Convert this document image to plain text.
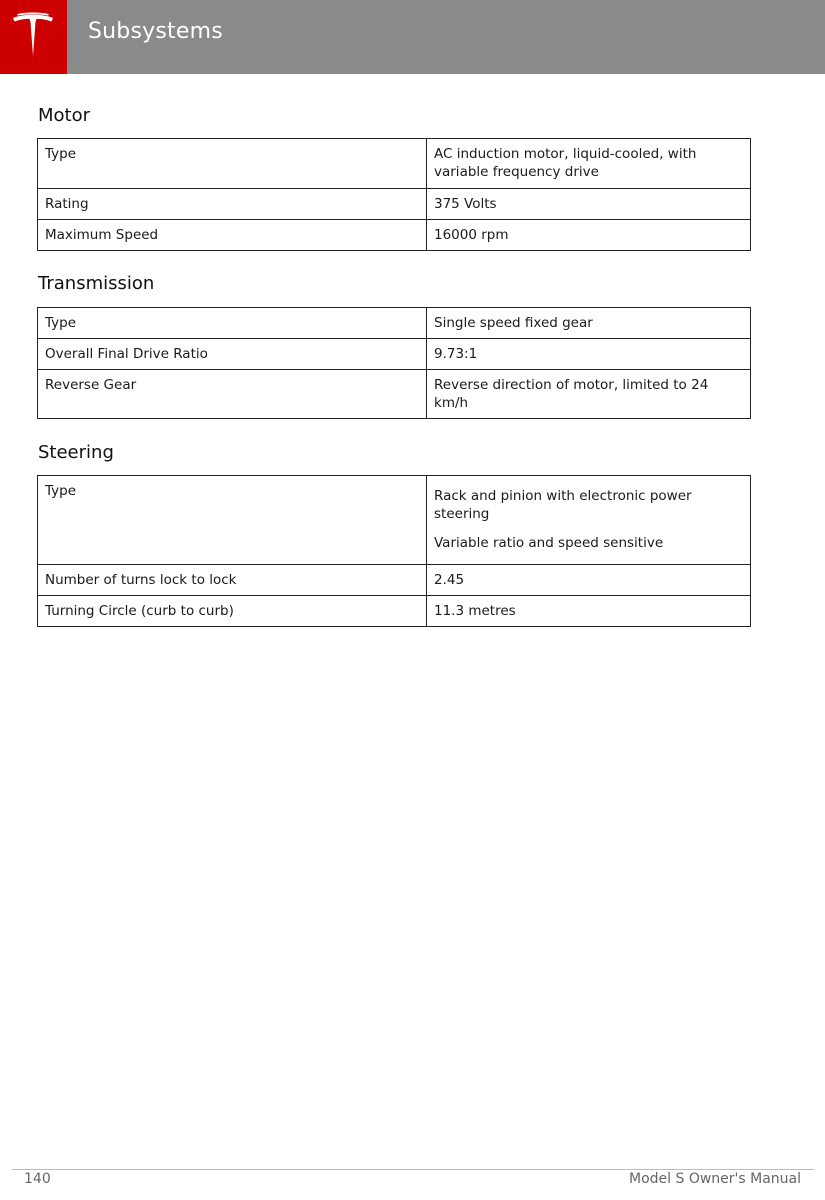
Subsystems
Motor
Type	AC induction motor, liquid-cooled, with variable frequency drive
Rating	375 Volts
Maximum Speed	16000 rpm
Transmission
Type	Single speed fixed gear
Overall Final Drive Ratio	9.73:1
Reverse Gear	Reverse direction of motor, limited to 24 km/h
Steering
Type	Rack and pinion with electronic power steering

Variable ratio and speed sensitive

Number of turns lock to lock	2.45
Turning Circle (curb to curb)	11.3 metres
140	Model S Owner's Manual
